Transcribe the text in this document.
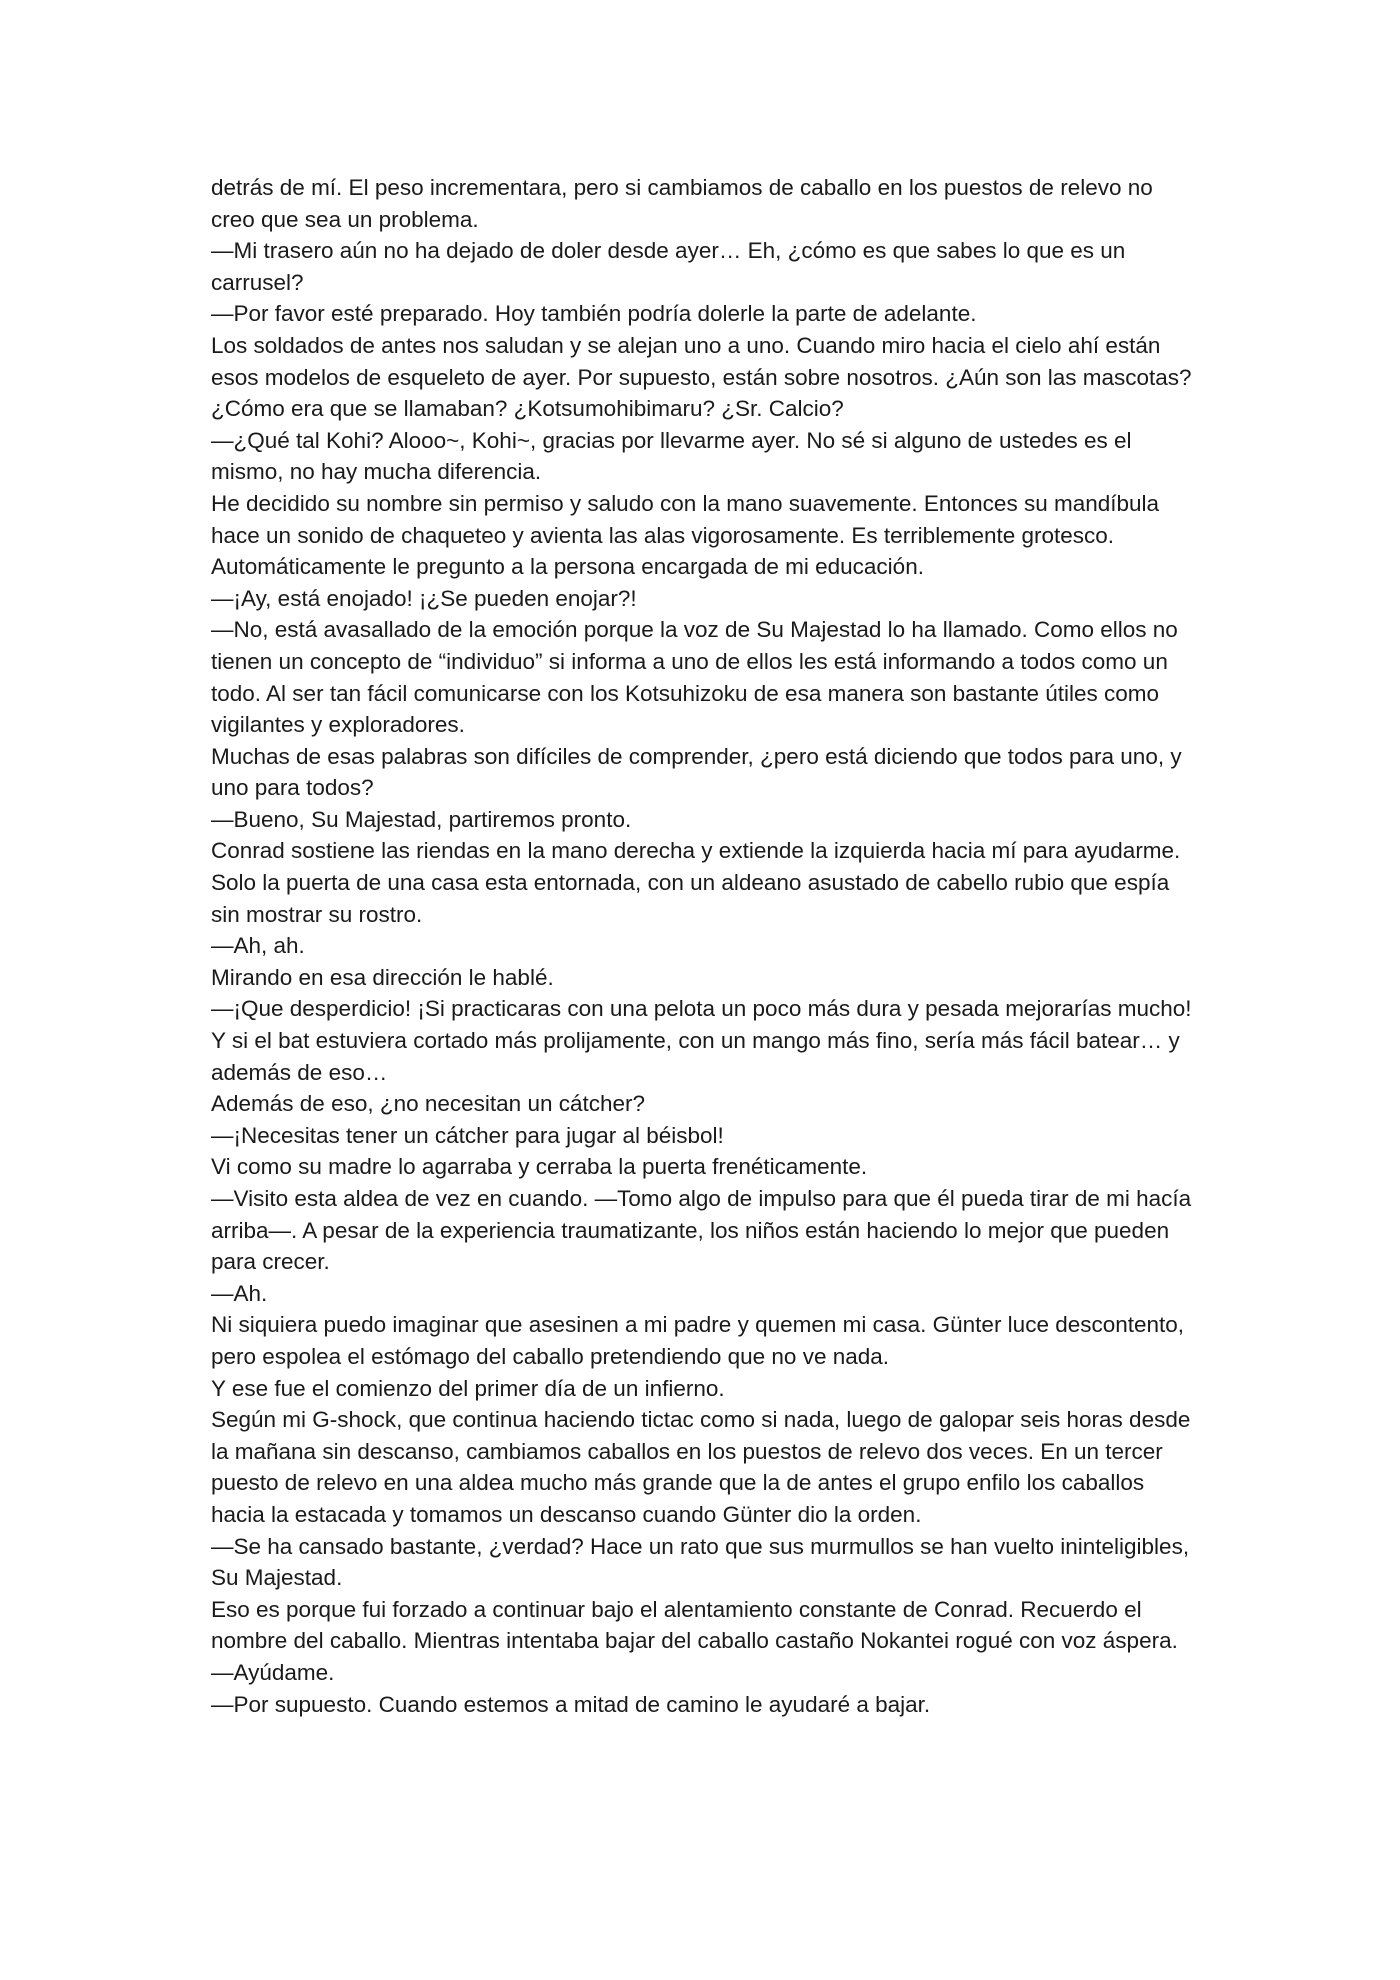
detrás de mí. El peso incrementara, pero si cambiamos de caballo en los puestos de relevo no creo que sea un problema.

—Mi trasero aún no ha dejado de doler desde ayer… Eh, ¿cómo es que sabes lo que es un carrusel?

—Por favor esté preparado. Hoy también podría dolerle la parte de adelante.

Los soldados de antes nos saludan y se alejan uno a uno. Cuando miro hacia el cielo ahí están esos modelos de esqueleto de ayer. Por supuesto, están sobre nosotros. ¿Aún son las mascotas? ¿Cómo era que se llamaban? ¿Kotsumohibimaru? ¿Sr. Calcio?

—¿Qué tal Kohi? Alooo~, Kohi~, gracias por llevarme ayer. No sé si alguno de ustedes es el mismo, no hay mucha diferencia.

He decidido su nombre sin permiso y saludo con la mano suavemente. Entonces su mandíbula hace un sonido de chaqueteo y avienta las alas vigorosamente. Es terriblemente grotesco. Automáticamente le pregunto a la persona encargada de mi educación.

—¡Ay, está enojado! ¡¿Se pueden enojar?!

—No, está avasallado de la emoción porque la voz de Su Majestad lo ha llamado. Como ellos no tienen un concepto de “individuo” si informa a uno de ellos les está informando a todos como un todo. Al ser tan fácil comunicarse con los Kotsuhizoku de esa manera son bastante útiles como vigilantes y exploradores.

Muchas de esas palabras son difíciles de comprender, ¿pero está diciendo que todos para uno, y uno para todos?

—Bueno, Su Majestad, partiremos pronto.

Conrad sostiene las riendas en la mano derecha y extiende la izquierda hacia mí para ayudarme.

Solo la puerta de una casa esta entornada, con un aldeano asustado de cabello rubio que espía sin mostrar su rostro.

—Ah, ah.

Mirando en esa dirección le hablé.

—¡Que desperdicio! ¡Si practicaras con una pelota un poco más dura y pesada mejorarías mucho! Y si el bat estuviera cortado más prolijamente, con un mango más fino, sería más fácil batear… y además de eso…

Además de eso, ¿no necesitan un cátcher?

—¡Necesitas tener un cátcher para jugar al béisbol!

Vi como su madre lo agarraba y cerraba la puerta frenéticamente.

—Visito esta aldea de vez en cuando. —Tomo algo de impulso para que él pueda tirar de mi hacía arriba—. A pesar de la experiencia traumatizante, los niños están haciendo lo mejor que pueden para crecer.

—Ah.

Ni siquiera puedo imaginar que asesinen a mi padre y quemen mi casa. Günter luce descontento, pero espolea el estómago del caballo pretendiendo que no ve nada.

Y ese fue el comienzo del primer día de un infierno.

Según mi G-shock, que continua haciendo tictac como si nada, luego de galopar seis horas desde la mañana sin descanso, cambiamos caballos en los puestos de relevo dos veces. En un tercer puesto de relevo en una aldea mucho más grande que la de antes el grupo enfilo los caballos hacia la estacada y tomamos un descanso cuando Günter dio la orden.

—Se ha cansado bastante, ¿verdad? Hace un rato que sus murmullos se han vuelto ininteligibles, Su Majestad.

Eso es porque fui forzado a continuar bajo el alentamiento constante de Conrad. Recuerdo el nombre del caballo. Mientras intentaba bajar del caballo castaño Nokantei rogué con voz áspera.

—Ayúdame.

—Por supuesto. Cuando estemos a mitad de camino le ayudaré a bajar.
